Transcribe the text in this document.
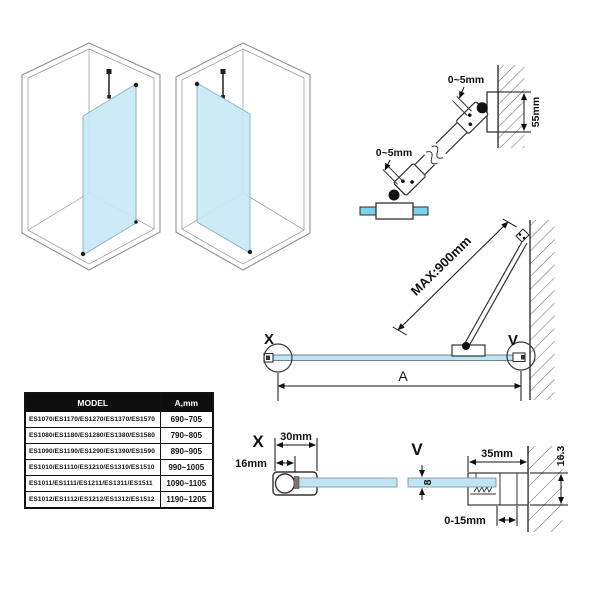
55mm
0~5mm
0~5mm
X	V
MAX:900mm
A
MODEL	A,mm
ES1070/ES1170/ES1270/ES1370/ES1570	690~705
ES1080/ES1180/ES1280/ES1380/ES1580	790~805
ES1090/ES1190/ES1290/ES1390/ES1590	890~905
ES1010/ES1110/ES1210/ES1310/ES1510	990~1005
ES1011/ES1111/ES1211/ES1311/ES1511	1090~1105
ES1012/ES1112/ES1212/ES1312/ES1512	1190~1205
X 30mm
16mm
V
8
35mm	16.3
0-15mm
